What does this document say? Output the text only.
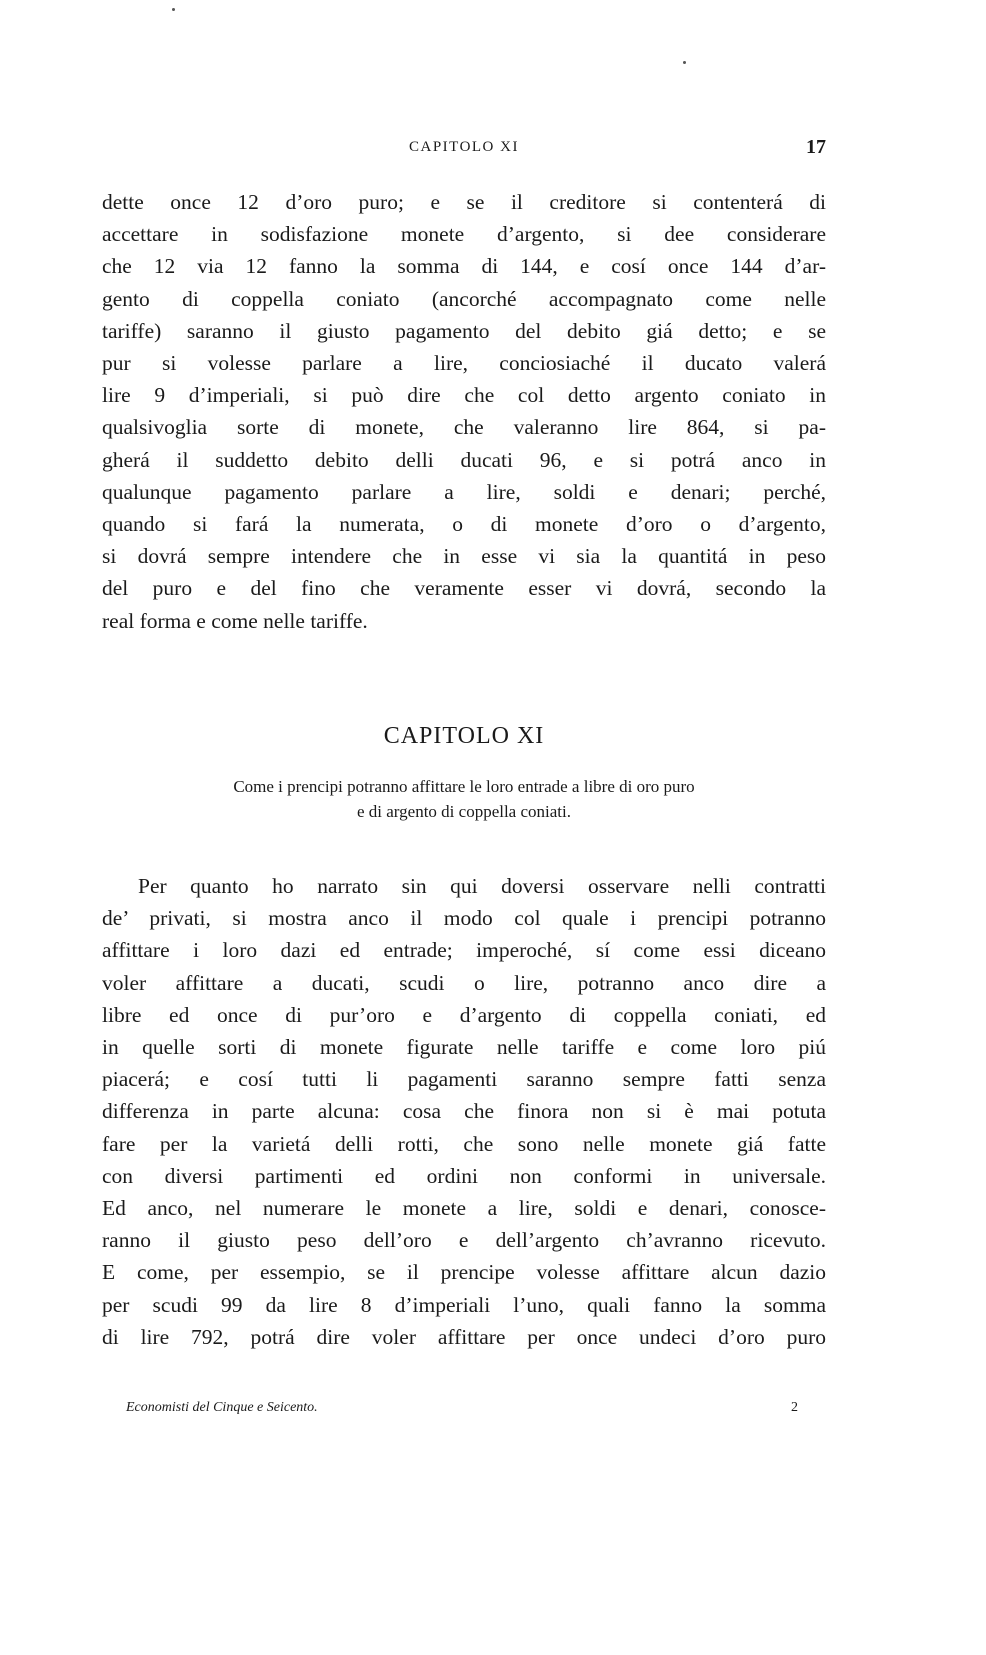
CAPITOLO XI	17

dette once 12 d’oro puro; e se il creditore si contenterá di

accettare in sodisfazione monete d’argento, si dee considerare

che 12 via 12 fanno la somma di 144, e cosí once 144 d’ar-

gento di coppella coniato (ancorché accompagnato come nelle

tariffe) saranno il giusto pagamento del debito giá detto; e se

pur si volesse parlare a lire, conciosiaché il ducato valerá

lire 9 d’imperiali, si può dire che col detto argento coniato in

qualsivoglia sorte di monete, che valeranno lire 864, si pa-

gherá il suddetto debito delli ducati 96, e si potrá anco in

qualunque pagamento parlare a lire, soldi e denari; perché,

quando si fará la numerata, o di monete d’oro o d’argento,

si dovrá sempre intendere che in esse vi sia la quantitá in peso

del puro e del fino che veramente esser vi dovrá, secondo la

real forma e come nelle tariffe.

CAPITOLO XI

Come i prencipi potranno affittare le loro entrade a libre di oro puro

e di argento di coppella coniati.

Per quanto ho narrato sin qui doversi osservare nelli contratti

de’ privati, si mostra anco il modo col quale i prencipi potranno

affittare i loro dazi ed entrade; imperoché, sí come essi diceano

voler affittare a ducati, scudi o lire, potranno anco dire a

libre ed once di pur’oro e d’argento di coppella coniati, ed

in quelle sorti di monete figurate nelle tariffe e come loro piú

piacerá; e cosí tutti li pagamenti saranno sempre fatti senza

differenza in parte alcuna: cosa che finora non si è mai potuta

fare per la varietá delli rotti, che sono nelle monete giá fatte

con diversi partimenti ed ordini non conformi in universale.

Ed anco, nel numerare le monete a lire, soldi e denari, conosce-

ranno il giusto peso dell’oro e dell’argento ch’avranno ricevuto.

E come, per essempio, se il prencipe volesse affittare alcun dazio

per scudi 99 da lire 8 d’imperiali l’uno, quali fanno la somma

di lire 792, potrá dire voler affittare per once undeci d’oro puro

Economisti del Cinque e Seicento.	2
